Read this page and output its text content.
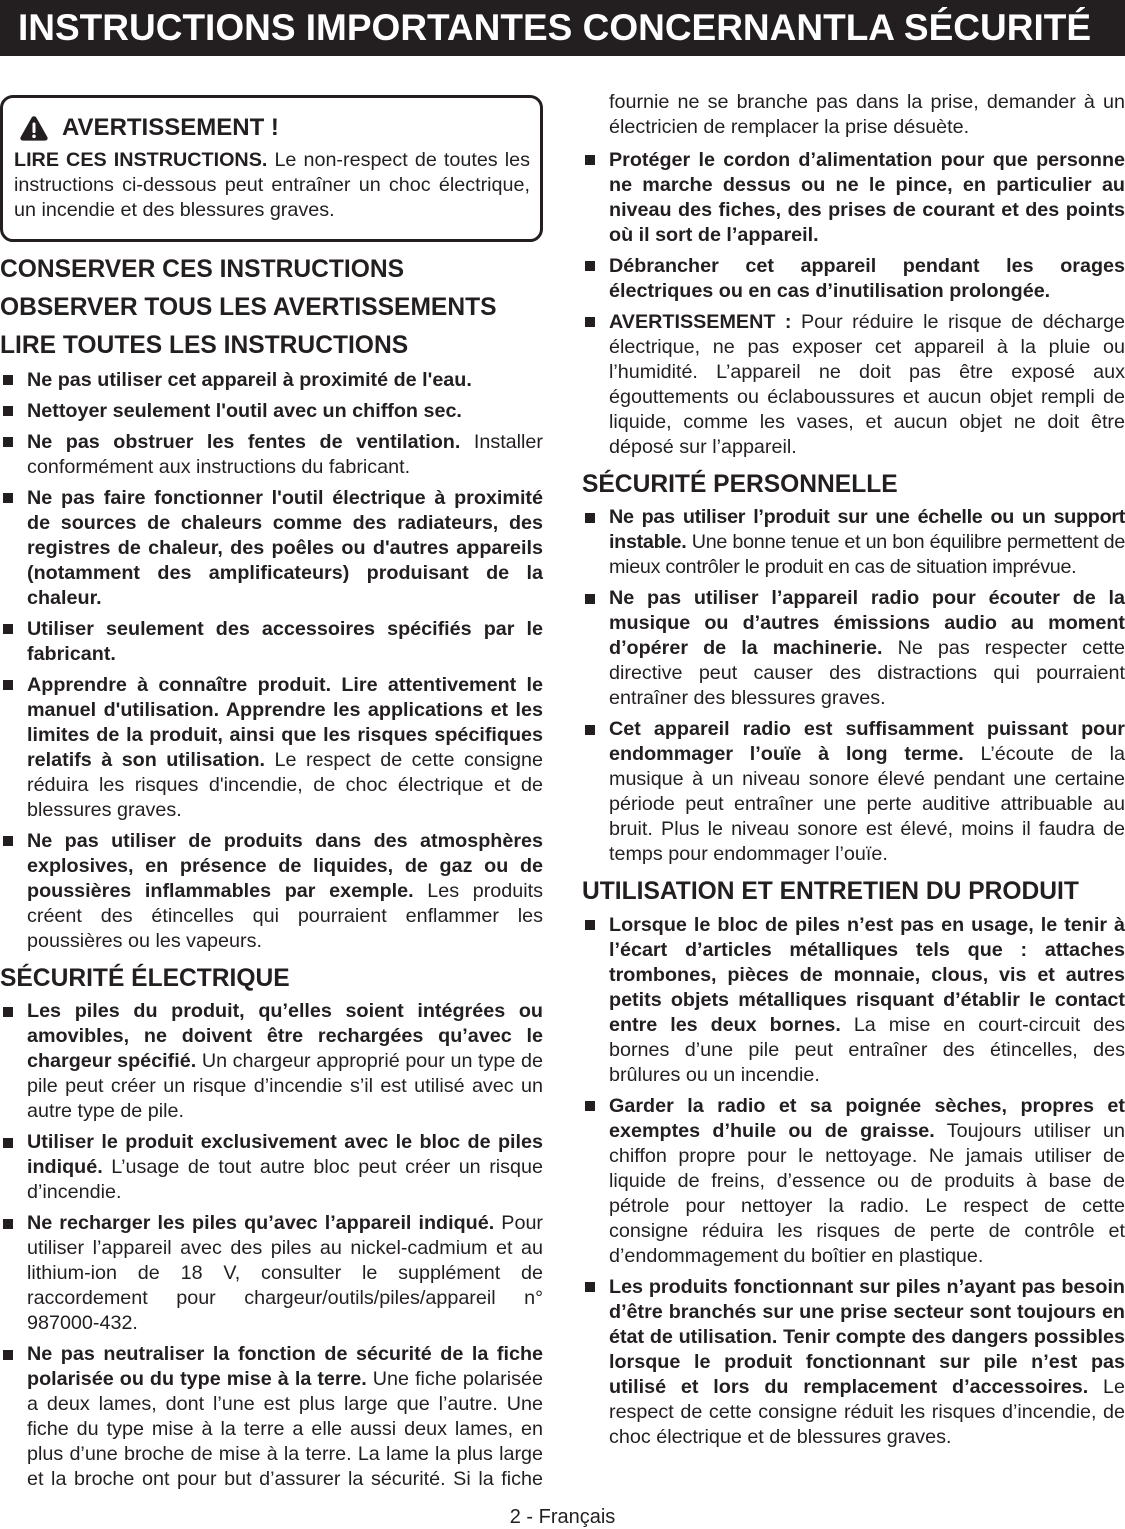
INSTRUCTIONS IMPORTANTES CONCERNANTLA SÉCURITÉ
AVERTISSEMENT !

LIRE CES INSTRUCTIONS. Le non-respect de toutes les instructions ci-dessous peut entraîner un choc électrique, un incendie et des blessures graves.

CONSERVER CES INSTRUCTIONS
OBSERVER TOUS LES AVERTISSEMENTS
LIRE TOUTES LES INSTRUCTIONS

Ne pas utiliser cet appareil à proximité de l'eau.

Nettoyer seulement l'outil avec un chiffon sec.

Ne pas obstruer les fentes de ventilation. Installer conformément aux instructions du fabricant.

Ne pas faire fonctionner l'outil électrique à proximité de sources de chaleurs comme des radiateurs, des registres de chaleur, des poêles ou d'autres appareils (notamment des amplificateurs) produisant de la chaleur.

Utiliser seulement des accessoires spécifiés par le fabricant.

Apprendre à connaître produit. Lire attentivement le manuel d'utilisation. Apprendre les applications et les limites de la produit, ainsi que les risques spécifiques relatifs à son utilisation. Le respect de cette consigne réduira les risques d'incendie, de choc électrique et de blessures graves.

Ne pas utiliser de produits dans des atmosphères explosives, en présence de liquides, de gaz ou de poussières inflammables par exemple. Les produits créent des étincelles qui pourraient enflammer les poussières ou les vapeurs.

SÉCURITÉ ÉLECTRIQUE

Les piles du produit, qu’elles soient intégrées ou amovibles, ne doivent être rechargées qu’avec le chargeur spécifié. Un chargeur approprié pour un type de pile peut créer un risque d’incendie s’il est utilisé avec un autre type de pile.

Utiliser le produit exclusivement avec le bloc de piles indiqué. L’usage de tout autre bloc peut créer un risque d’incendie.

Ne recharger les piles qu’avec l’appareil indiqué. Pour utiliser l’appareil avec des piles au nickel-cadmium et au lithium-ion de 18 V, consulter le supplément de raccordement pour chargeur/outils/piles/appareil n° 987000-432.

Ne pas neutraliser la fonction de sécurité de la fiche polarisée ou du type mise à la terre. Une fiche polarisée a deux lames, dont l’une est plus large que l’autre. Une fiche du type mise à la terre a elle aussi deux lames, en plus d’une broche de mise à la terre. La lame la plus large et la broche ont pour but d’assurer la sécurité. Si la fiche

fournie ne se branche pas dans la prise, demander à un électricien de remplacer la prise désuète.

Protéger le cordon d’alimentation pour que personne ne marche dessus ou ne le pince, en particulier au niveau des fiches, des prises de courant et des points où il sort de l’appareil.

Débrancher cet appareil pendant les orages électriques ou en cas d’inutilisation prolongée.

AVERTISSEMENT : Pour réduire le risque de décharge électrique, ne pas exposer cet appareil à la pluie ou l’humidité. L’appareil ne doit pas être exposé aux égouttements ou éclaboussures et aucun objet rempli de liquide, comme les vases, et aucun objet ne doit être déposé sur l’appareil.

SÉCURITÉ PERSONNELLE

Ne pas utiliser l’produit sur une échelle ou un support instable. Une bonne tenue et un bon équilibre permettent de mieux contrôler le produit en cas de situation imprévue.

Ne pas utiliser l’appareil radio pour écouter de la musique ou d’autres émissions audio au moment d’opérer de la machinerie. Ne pas respecter cette directive peut causer des distractions qui pourraient entraîner des blessures graves.

Cet appareil radio est suffisamment puissant pour endommager l’ouïe à long terme. L’écoute de la musique à un niveau sonore élevé pendant une certaine période peut entraîner une perte auditive attribuable au bruit. Plus le niveau sonore est élevé, moins il faudra de temps pour endommager l’ouïe.

UTILISATION ET ENTRETIEN DU PRODUIT

Lorsque le bloc de piles n’est pas en usage, le tenir à l’écart d’articles métalliques tels que : attaches trombones, pièces de monnaie, clous, vis et autres petits objets métalliques risquant d’établir le contact entre les deux bornes. La mise en court-circuit des bornes d’une pile peut entraîner des étincelles, des brûlures ou un incendie.

Garder la radio et sa poignée sèches, propres et exemptes d’huile ou de graisse. Toujours utiliser un chiffon propre pour le nettoyage. Ne jamais utiliser de liquide de freins, d’essence ou de produits à base de pétrole pour nettoyer la radio. Le respect de cette consigne réduira les risques de perte de contrôle et d’endommagement du boîtier en plastique.

Les produits fonctionnant sur piles n’ayant pas besoin d’être branchés sur une prise secteur sont toujours en état de utilisation. Tenir compte des dangers possibles lorsque le produit fonctionnant sur pile n’est pas utilisé et lors du remplacement d’accessoires. Le respect de cette consigne réduit les risques d’incendie, de choc électrique et de blessures graves.

2 - Français
